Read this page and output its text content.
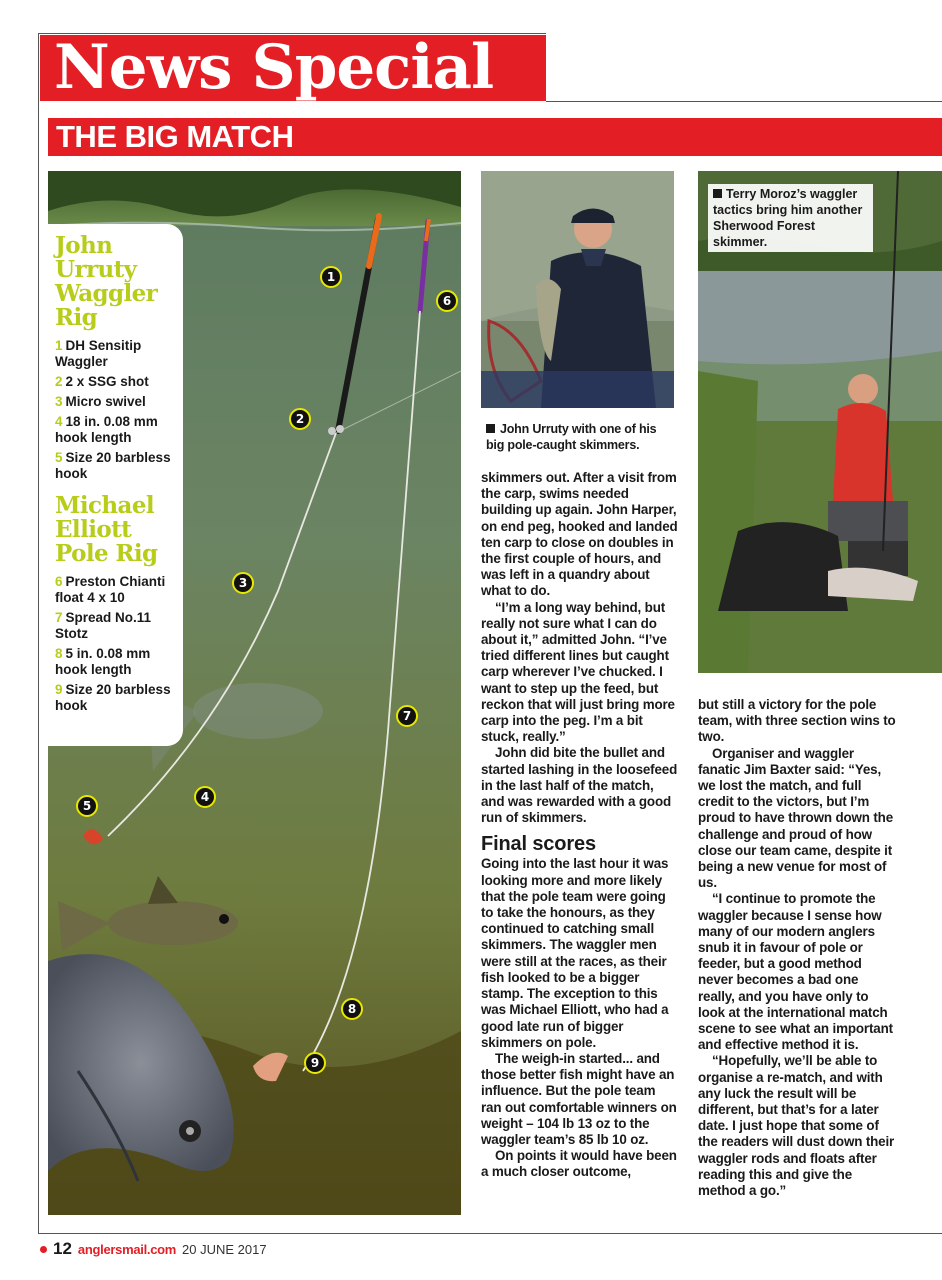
News Special
THE BIG MATCH
1
2
3
4
5
6
7
8
9
John Urruty Waggler Rig
1 DH Sensitip Waggler
2 2 x SSG shot
3 Micro swivel
4 18 in. 0.08 mm hook length
5 Size 20 barbless hook
Michael Elliott Pole Rig
6 Preston Chianti float 4 x 10
7 Spread No.11 Stotz
8 5 in. 0.08 mm hook length
9 Size 20 barbless hook
John Urruty with one of his big pole-caught skimmers.
Terry Moroz’s waggler tactics bring him another Sherwood Forest skimmer.

skimmers out. After a visit from the carp, swims needed building up again. John Harper, on end peg, hooked and landed ten carp to close on doubles in the first couple of hours, and was left in a quandry about what to do.

“I’m a long way behind, but really not sure what I can do about it,” admitted John. “I’ve tried different lines but caught carp wherever I’ve chucked. I want to step up the feed, but reckon that will just bring more carp into the peg. I’m a bit stuck, really.”

John did bite the bullet and started lashing in the loosefeed in the last half of the match, and was rewarded with a good run of skimmers.

Final scores

Going into the last hour it was looking more and more likely that the pole team were going to take the honours, as they continued to catching small skimmers. The waggler men were still at the races, as their fish looked to be a bigger stamp. The exception to this was Michael Elliott, who had a good late run of bigger skimmers on pole.

The weigh-in started... and those better fish might have an influence. But the pole team ran out comfortable winners on weight – 104 lb 13 oz to the waggler team’s 85 lb 10 oz.

On points it would have been a much closer outcome,

but still a victory for the pole team, with three section wins to two.

Organiser and waggler fanatic Jim Baxter said: “Yes, we lost the match, and full credit to the victors, but I’m proud to have thrown down the challenge and proud of how close our team came, despite it being a new venue for most of us.

“I continue to promote the waggler because I sense how many of our modern anglers snub it in favour of pole or feeder, but a good method never becomes a bad one really, and you have only to look at the international match scene to see what an important and effective method it is.

“Hopefully, we’ll be able to organise a re-match, and with any luck the result will be different, but that’s for a later date. I just hope that some of the readers will dust down their waggler rods and floats after reading this and give the method a go.”

12 anglersmail.com 20 JUNE 2017
